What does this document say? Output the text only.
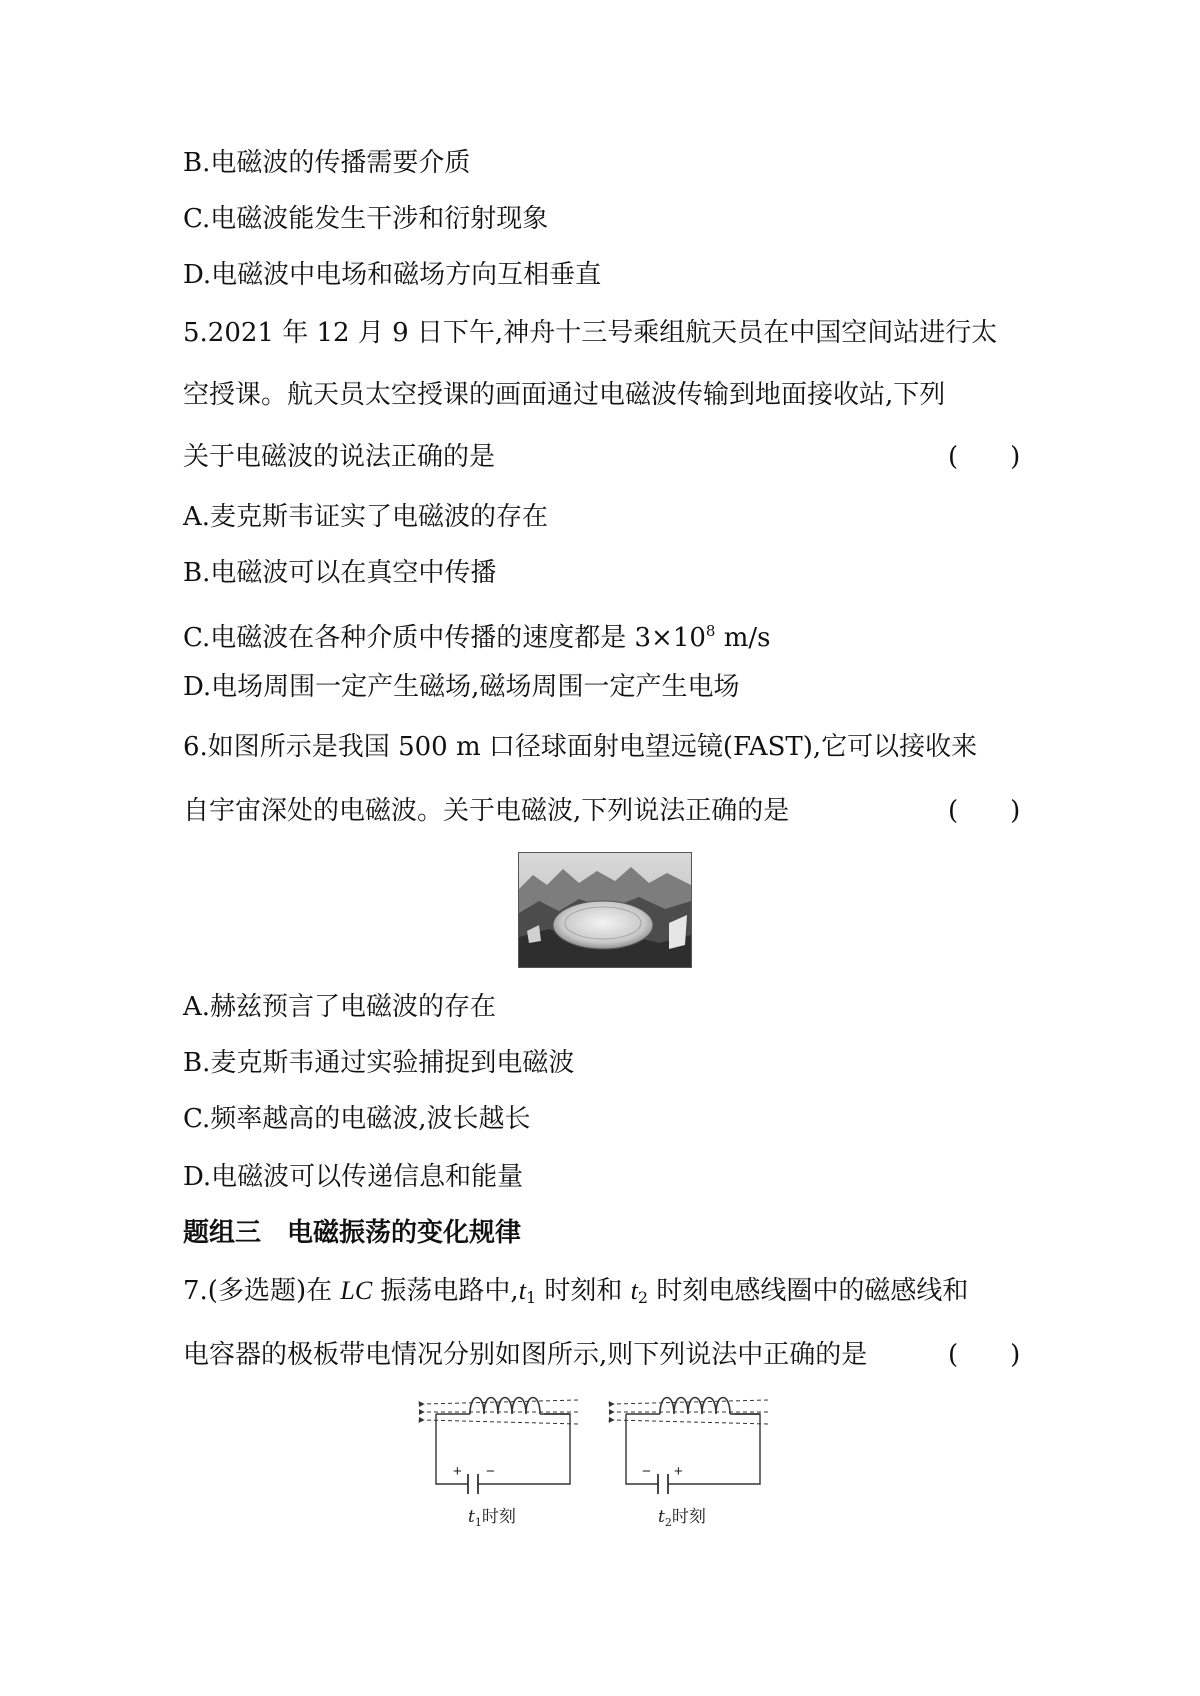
B.电磁波的传播需要介质
C.电磁波能发生干涉和衍射现象
D.电磁波中电场和磁场方向互相垂直
5.2021 年 12 月 9 日下午,神舟十三号乘组航天员在中国空间站进行太
空授课。航天员太空授课的画面通过电磁波传输到地面接收站,下列
关于电磁波的说法正确的是	(　　)
A.麦克斯韦证实了电磁波的存在
B.电磁波可以在真空中传播
C.电磁波在各种介质中传播的速度都是 $3\times 10^8$ m/s
D.电场周围一定产生磁场,磁场周围一定产生电场
6.如图所示是我国 500 m 口径球面射电望远镜(FAST),它可以接收来
自宇宙深处的电磁波。关于电磁波,下列说法正确的是	(　　)
A.赫兹预言了电磁波的存在
B.麦克斯韦通过实验捕捉到电磁波
C.频率越高的电磁波,波长越长
D.电磁波可以传递信息和能量
题组三　电磁振荡的变化规律
7.(多选题)在 LC 振荡电路中$,t_1$ 时刻和 $t_2$ 时刻电感线圈中的磁感线和
电容器的极板带电情况分别如图所示,则下列说法中正确的是	(　　)
+ −
$t_1$时刻
− +
$t_2$时刻
